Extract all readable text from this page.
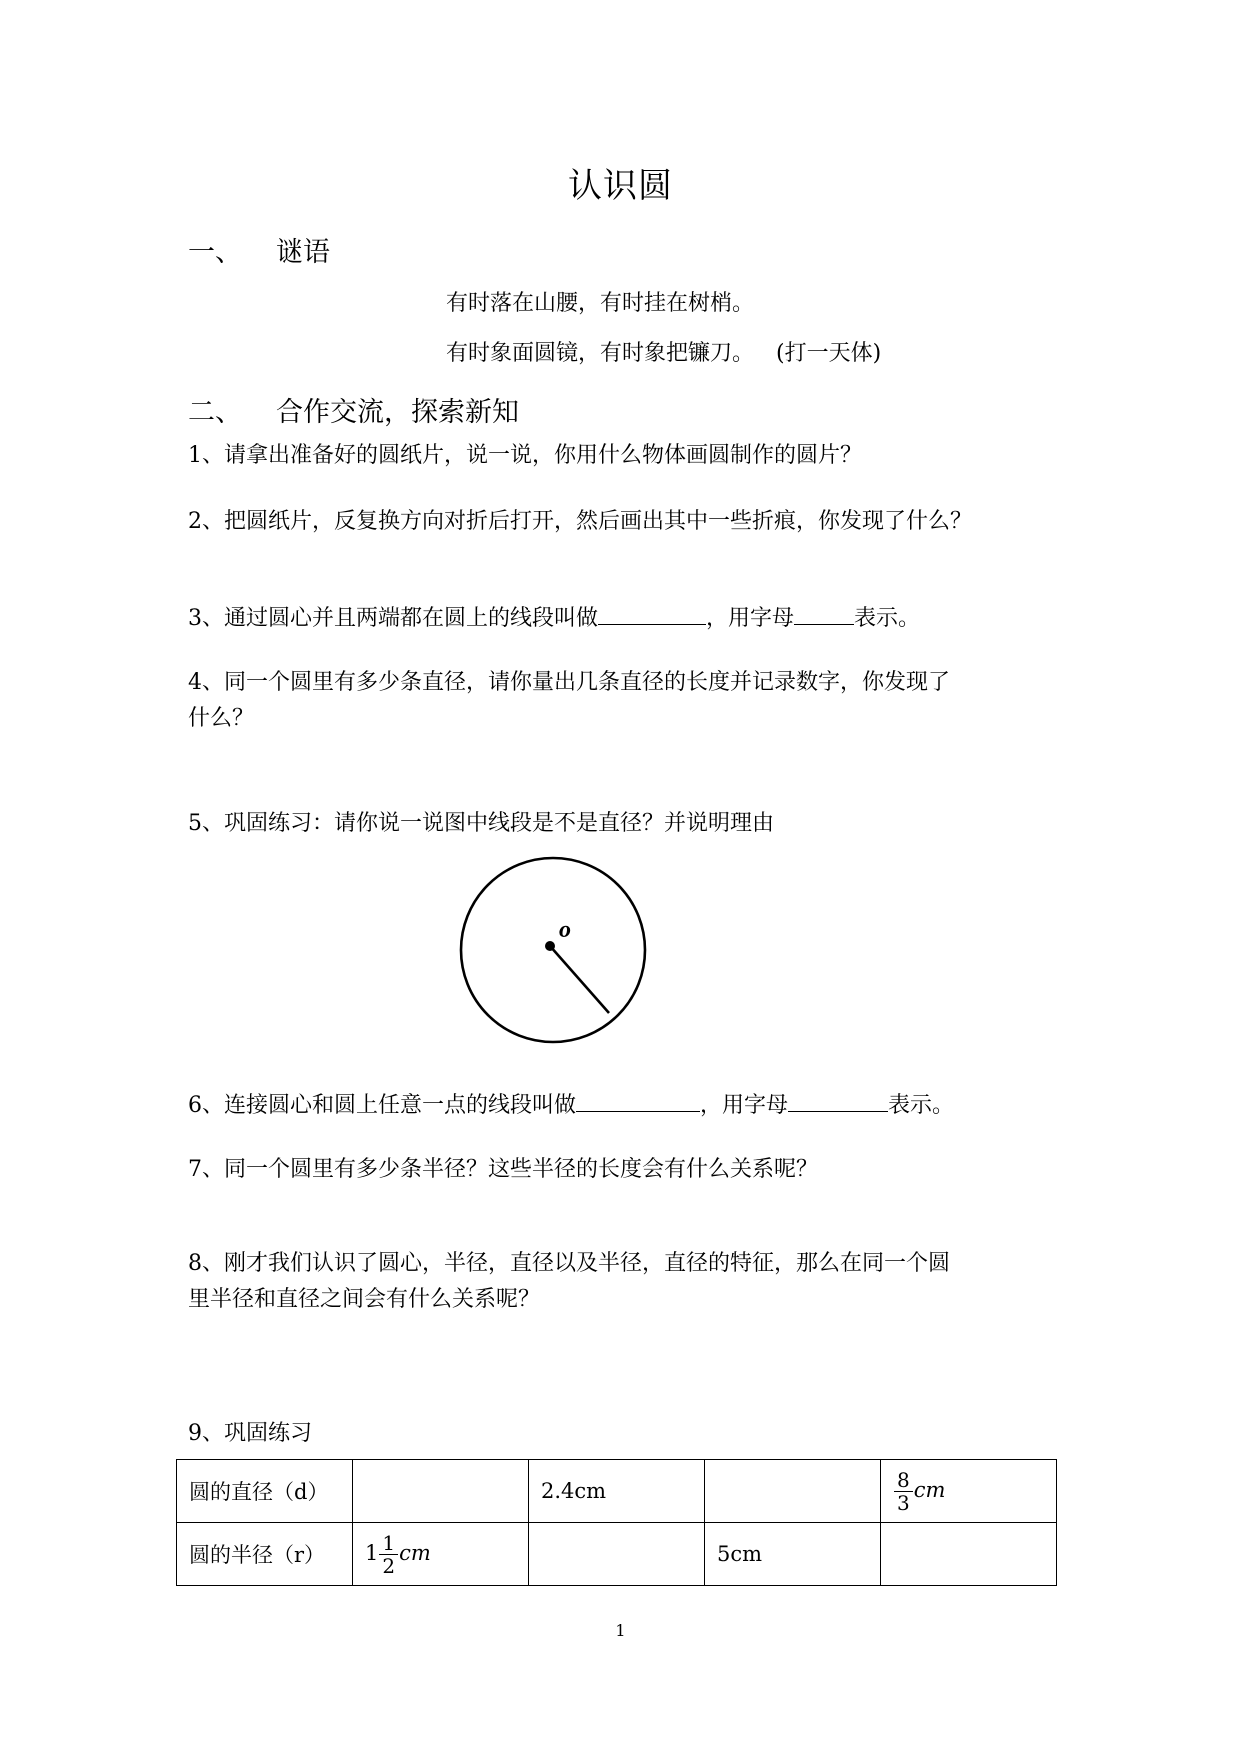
认识圆
一、 谜语
有时落在山腰，有时挂在树梢。
有时象面圆镜，有时象把镰刀。 (打一天体)
二、 合作交流，探索新知
1、请拿出准备好的圆纸片，说一说，你用什么物体画圆制作的圆片？
2、把圆纸片，反复换方向对折后打开，然后画出其中一些折痕，你发现了什么？
3、通过圆心并且两端都在圆上的线段叫做	，用字母	表示。
4、同一个圆里有多少条直径，请你量出几条直径的长度并记录数字，你发现了
什么？
5、巩固练习：请你说一说图中线段是不是直径？并说明理由
o
6、连接圆心和圆上任意一点的线段叫做	，用字母	表示。
7、同一个圆里有多少条半径？这些半径的长度会有什么关系呢？
8、刚才我们认识了圆心，半径，直径以及半径，直径的特征，那么在同一个圆
里半径和直径之间会有什么关系呢？
9、巩固练习
圆的直径（d）		2.4cm		$\frac{8}{3}$ cm
圆的半径（r）	$1 \frac{1}{2}$ cm		5cm	
1
